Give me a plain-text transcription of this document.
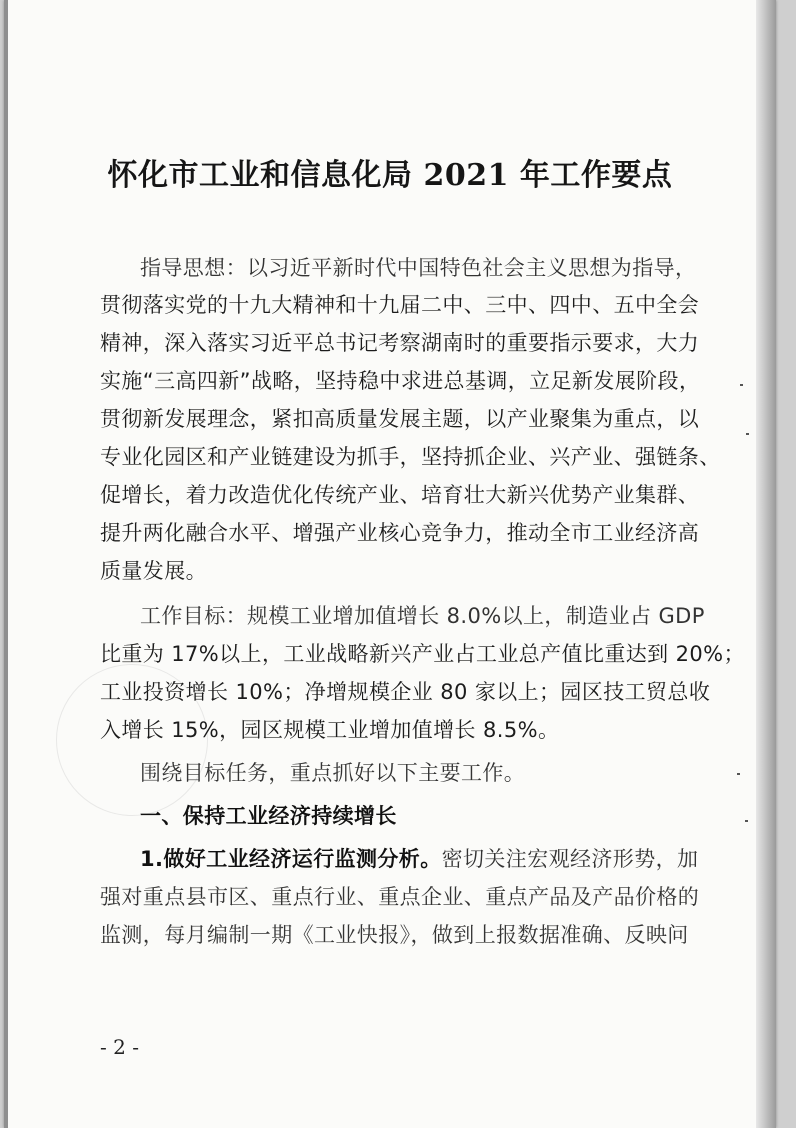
怀化市工业和信息化局 2021 年工作要点
指导思想：以习近平新时代中国特色社会主义思想为指导，
贯彻落实党的十九大精神和十九届二中、三中、四中、五中全会
精神，深入落实习近平总书记考察湖南时的重要指示要求，大力
实施“三高四新”战略，坚持稳中求进总基调，立足新发展阶段，
贯彻新发展理念，紧扣高质量发展主题，以产业聚集为重点，以
专业化园区和产业链建设为抓手，坚持抓企业、兴产业、强链条、
促增长，着力改造优化传统产业、培育壮大新兴优势产业集群、
提升两化融合水平、增强产业核心竞争力，推动全市工业经济高
质量发展。
工作目标：规模工业增加值增长 8.0%以上，制造业占 GDP
比重为 17%以上，工业战略新兴产业占工业总产值比重达到 20%；
工业投资增长 10%；净增规模企业 80 家以上；园区技工贸总收
入增长 15%，园区规模工业增加值增长 8.5%。
围绕目标任务，重点抓好以下主要工作。
一、保持工业经济持续增长
1.做好工业经济运行监测分析。密切关注宏观经济形势，加
强对重点县市区、重点行业、重点企业、重点产品及产品价格的
监测，每月编制一期《工业快报》，做到上报数据准确、反映问
- 2 -
